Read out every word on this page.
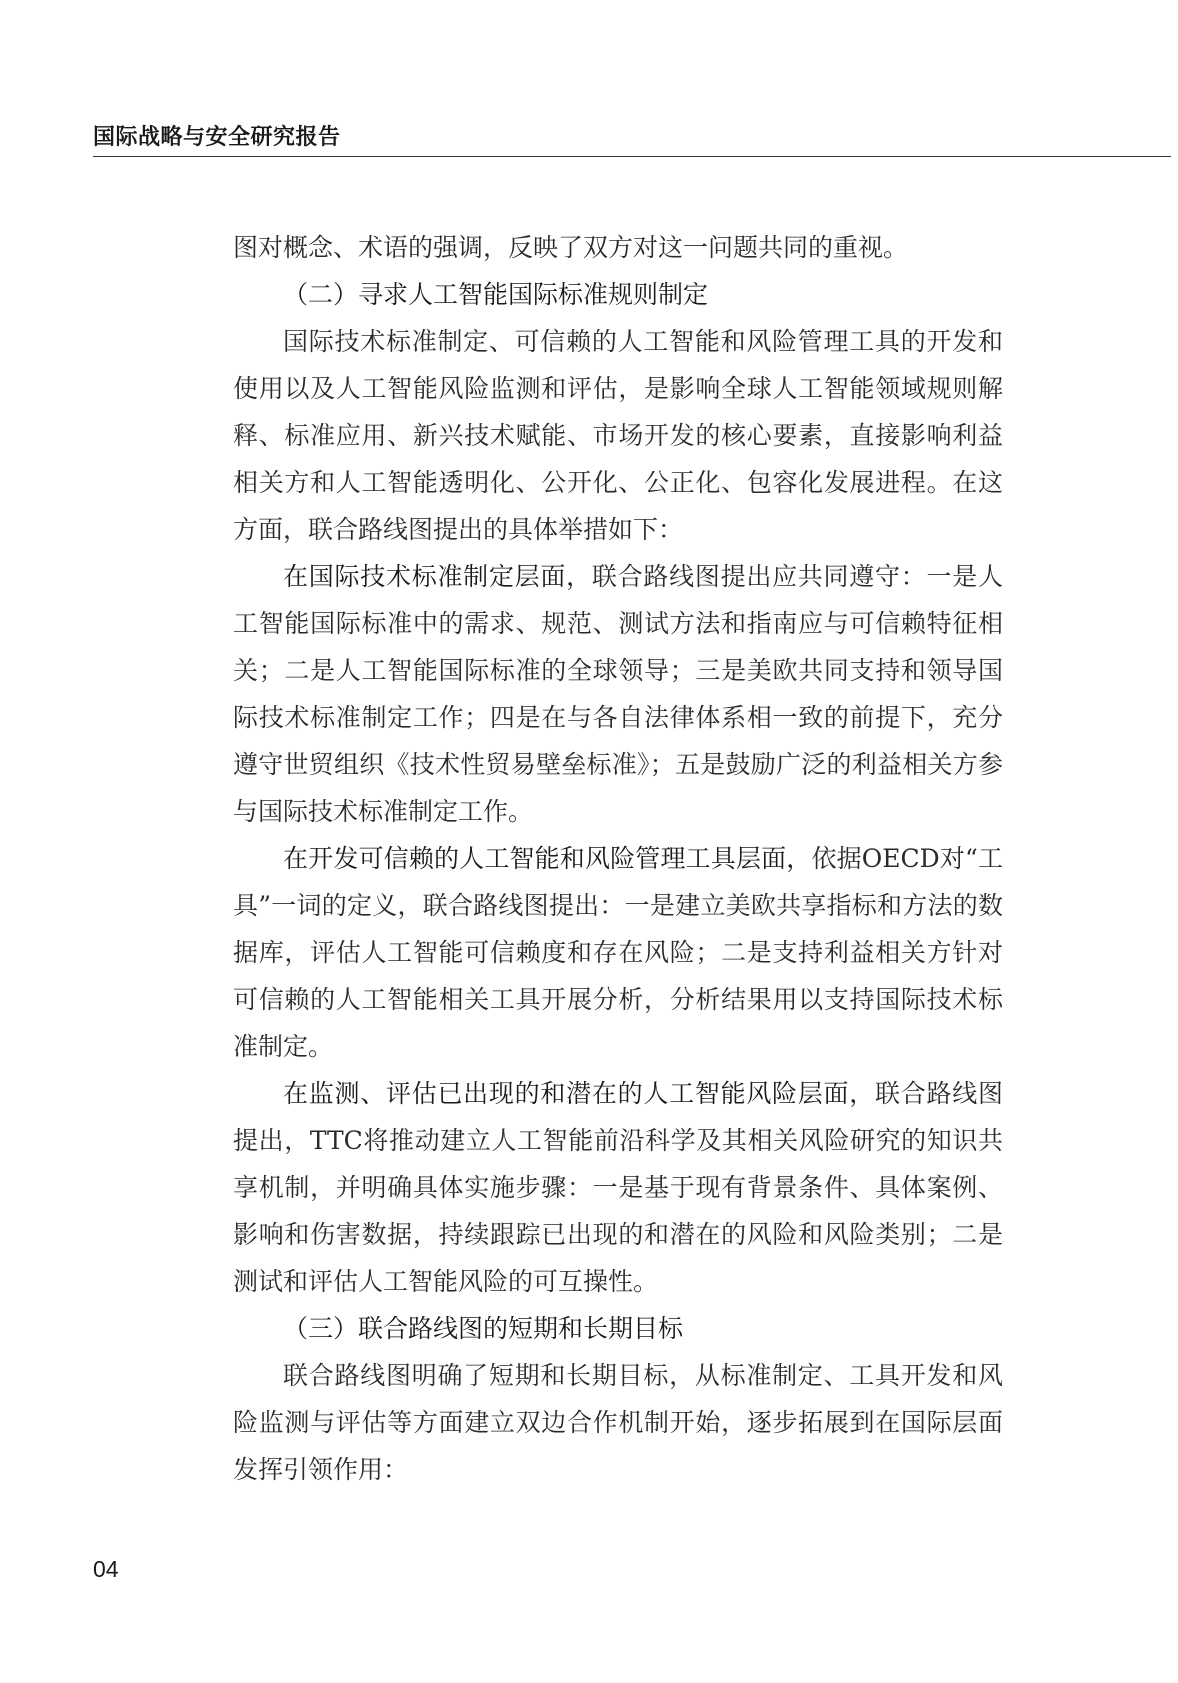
国际战略与安全研究报告

图对概念、术语的强调，反映了双方对这一问题共同的重视。

（二）寻求人工智能国际标准规则制定

国际技术标准制定、可信赖的人工智能和风险管理工具的开发和使用以及人工智能风险监测和评估，是影响全球人工智能领域规则解释、标准应用、新兴技术赋能、市场开发的核心要素，直接影响利益相关方和人工智能透明化、公开化、公正化、包容化发展进程。在这方面，联合路线图提出的具体举措如下：

在国际技术标准制定层面，联合路线图提出应共同遵守：一是人工智能国际标准中的需求、规范、测试方法和指南应与可信赖特征相关；二是人工智能国际标准的全球领导；三是美欧共同支持和领导国际技术标准制定工作；四是在与各自法律体系相一致的前提下，充分遵守世贸组织《技术性贸易壁垒标准》；五是鼓励广泛的利益相关方参与国际技术标准制定工作。

在开发可信赖的人工智能和风险管理工具层面，依据OECD对“工具”一词的定义，联合路线图提出：一是建立美欧共享指标和方法的数据库，评估人工智能可信赖度和存在风险；二是支持利益相关方针对可信赖的人工智能相关工具开展分析，分析结果用以支持国际技术标准制定。

在监测、评估已出现的和潜在的人工智能风险层面，联合路线图提出，TTC将推动建立人工智能前沿科学及其相关风险研究的知识共享机制，并明确具体实施步骤：一是基于现有背景条件、具体案例、影响和伤害数据，持续跟踪已出现的和潜在的风险和风险类别；二是测试和评估人工智能风险的可互操性。

（三）联合路线图的短期和长期目标

联合路线图明确了短期和长期目标，从标准制定、工具开发和风险监测与评估等方面建立双边合作机制开始，逐步拓展到在国际层面发挥引领作用：

04
